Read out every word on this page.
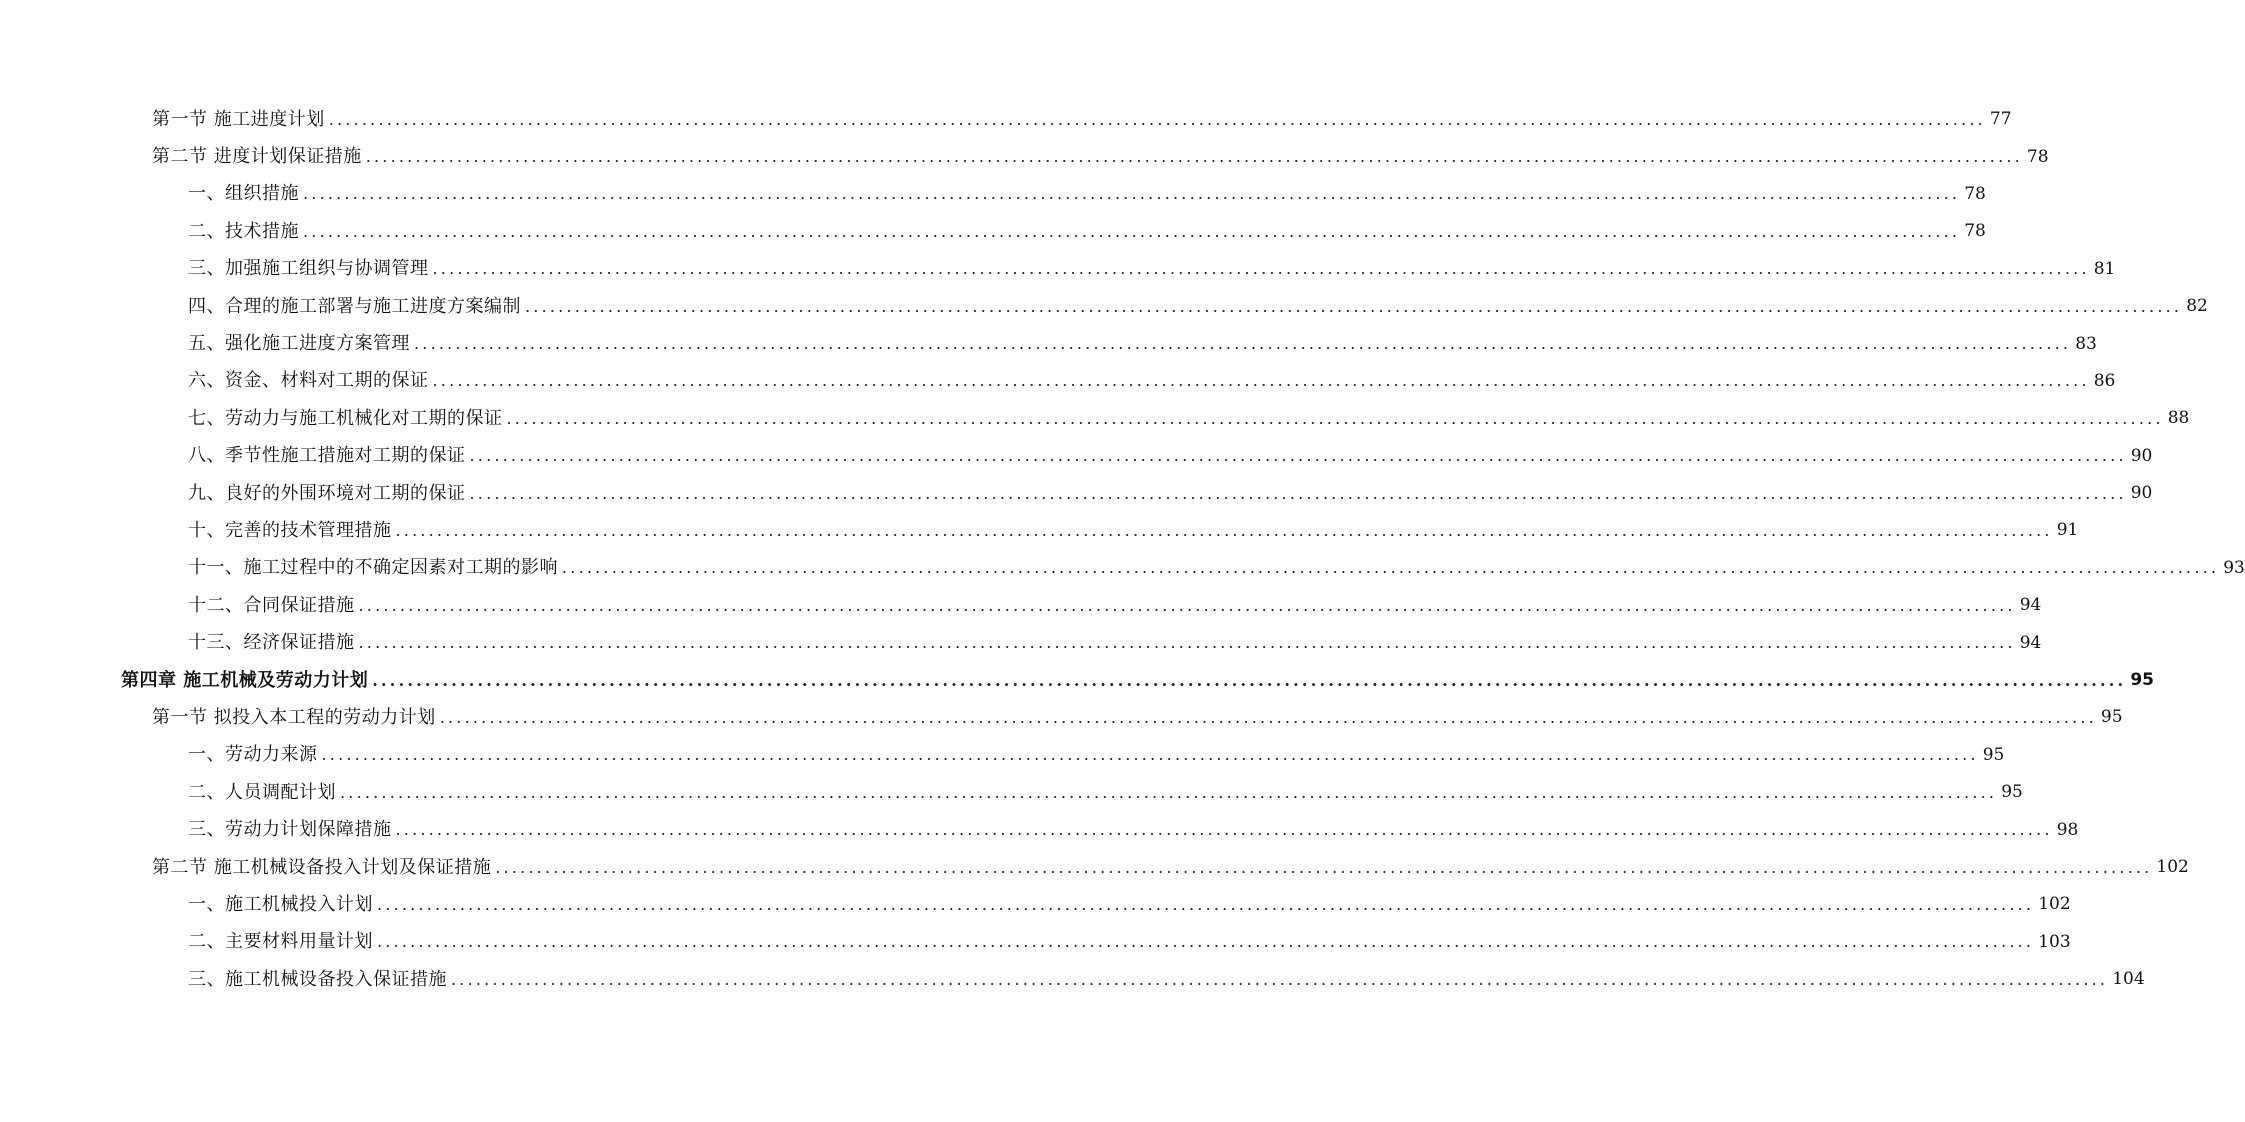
第一节 施工进度计划 ........................................................................................................................................................................................................ 77
第二节 进度计划保证措施 ........................................................................................................................................................................................................ 78
一、组织措施 ........................................................................................................................................................................................................ 78
二、技术措施 ........................................................................................................................................................................................................ 78
三、加强施工组织与协调管理 ........................................................................................................................................................................................................ 81
四、合理的施工部署与施工进度方案编制 ........................................................................................................................................................................................................ 82
五、强化施工进度方案管理 ........................................................................................................................................................................................................ 83
六、资金、材料对工期的保证 ........................................................................................................................................................................................................ 86
七、劳动力与施工机械化对工期的保证 ........................................................................................................................................................................................................ 88
八、季节性施工措施对工期的保证 ........................................................................................................................................................................................................ 90
九、良好的外围环境对工期的保证 ........................................................................................................................................................................................................ 90
十、完善的技术管理措施 ........................................................................................................................................................................................................ 91
十一、施工过程中的不确定因素对工期的影响 ........................................................................................................................................................................................................ 93
十二、合同保证措施 ........................................................................................................................................................................................................ 94
十三、经济保证措施 ........................................................................................................................................................................................................ 94
第四章 施工机械及劳动力计划 ........................................................................................................................................................................................................ 95
第一节 拟投入本工程的劳动力计划 ........................................................................................................................................................................................................ 95
一、劳动力来源 ........................................................................................................................................................................................................ 95
二、人员调配计划 ........................................................................................................................................................................................................ 95
三、劳动力计划保障措施 ........................................................................................................................................................................................................ 98
第二节 施工机械设备投入计划及保证措施 ........................................................................................................................................................................................................ 102
一、施工机械投入计划 ........................................................................................................................................................................................................ 102
二、主要材料用量计划 ........................................................................................................................................................................................................ 103
三、施工机械设备投入保证措施 ........................................................................................................................................................................................................ 104
